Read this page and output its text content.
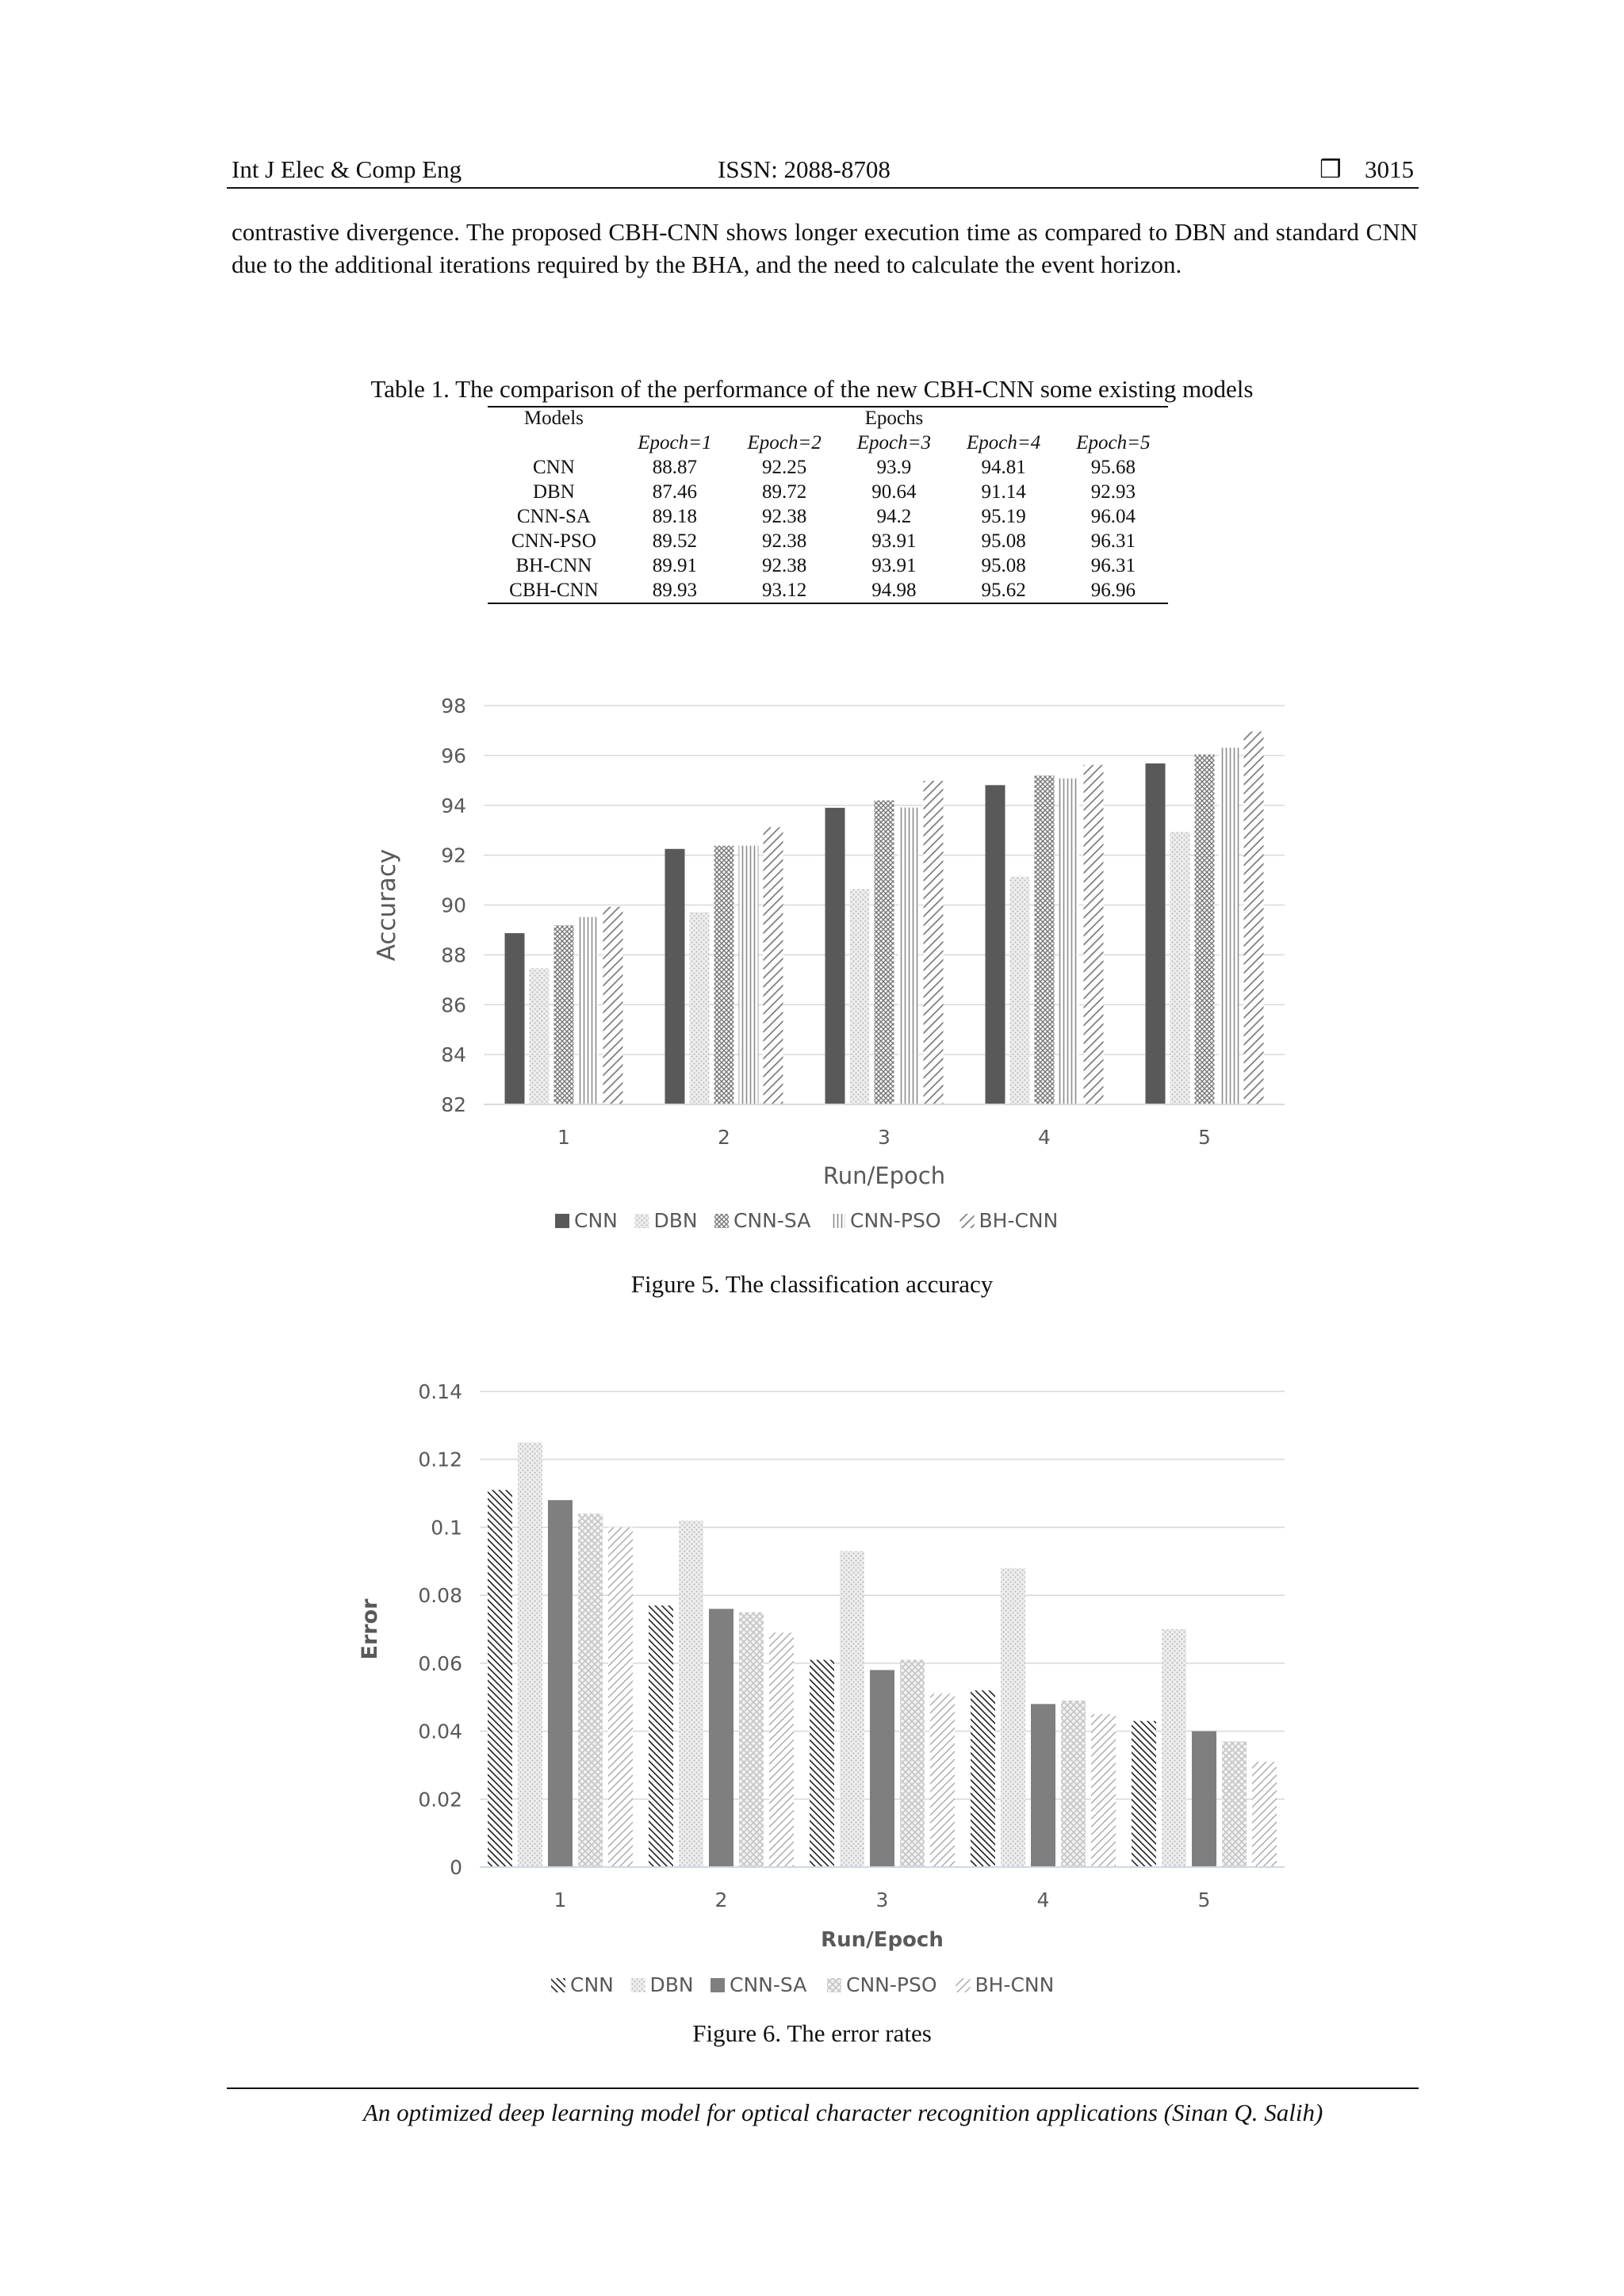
Int J Elec & Comp Eng	ISSN: 2088-8708	❒ 3015
contrastive divergence. The proposed CBH-CNN shows longer execution time as compared to DBN and standard CNN due to the additional iterations required by the BHA, and the need to calculate the event horizon.
Table 1. The comparison of the performance of the new CBH-CNN some existing models
Models	Epochs				
	Epoch=1	Epoch=2	Epoch=3	Epoch=4	Epoch=5
CNN	88.87	92.25	93.9	94.81	95.68
DBN	87.46	89.72	90.64	91.14	92.93
CNN-SA	89.18	92.38	94.2	95.19	96.04
CNN-PSO	89.52	92.38	93.91	95.08	96.31
BH-CNN	89.91	92.38	93.91	95.08	96.31
CBH-CNN	89.93	93.12	94.98	95.62	96.96
82
84
86
88
90
92
94
96
98
Accuracy
1	2	3	4	5
Run/Epoch
CNN DBN CNN-SA CNN-PSO BH-CNN
Figure 5. The classification accuracy
0
0.02
0.04
0.06
0.08
0.1
0.12
0.14
Error
1	2	3	4	5
Run/Epoch
CNN DBN CNN-SA CNN-PSO BH-CNN
Figure 6. The error rates
An optimized deep learning model for optical character recognition applications (Sinan Q. Salih)
